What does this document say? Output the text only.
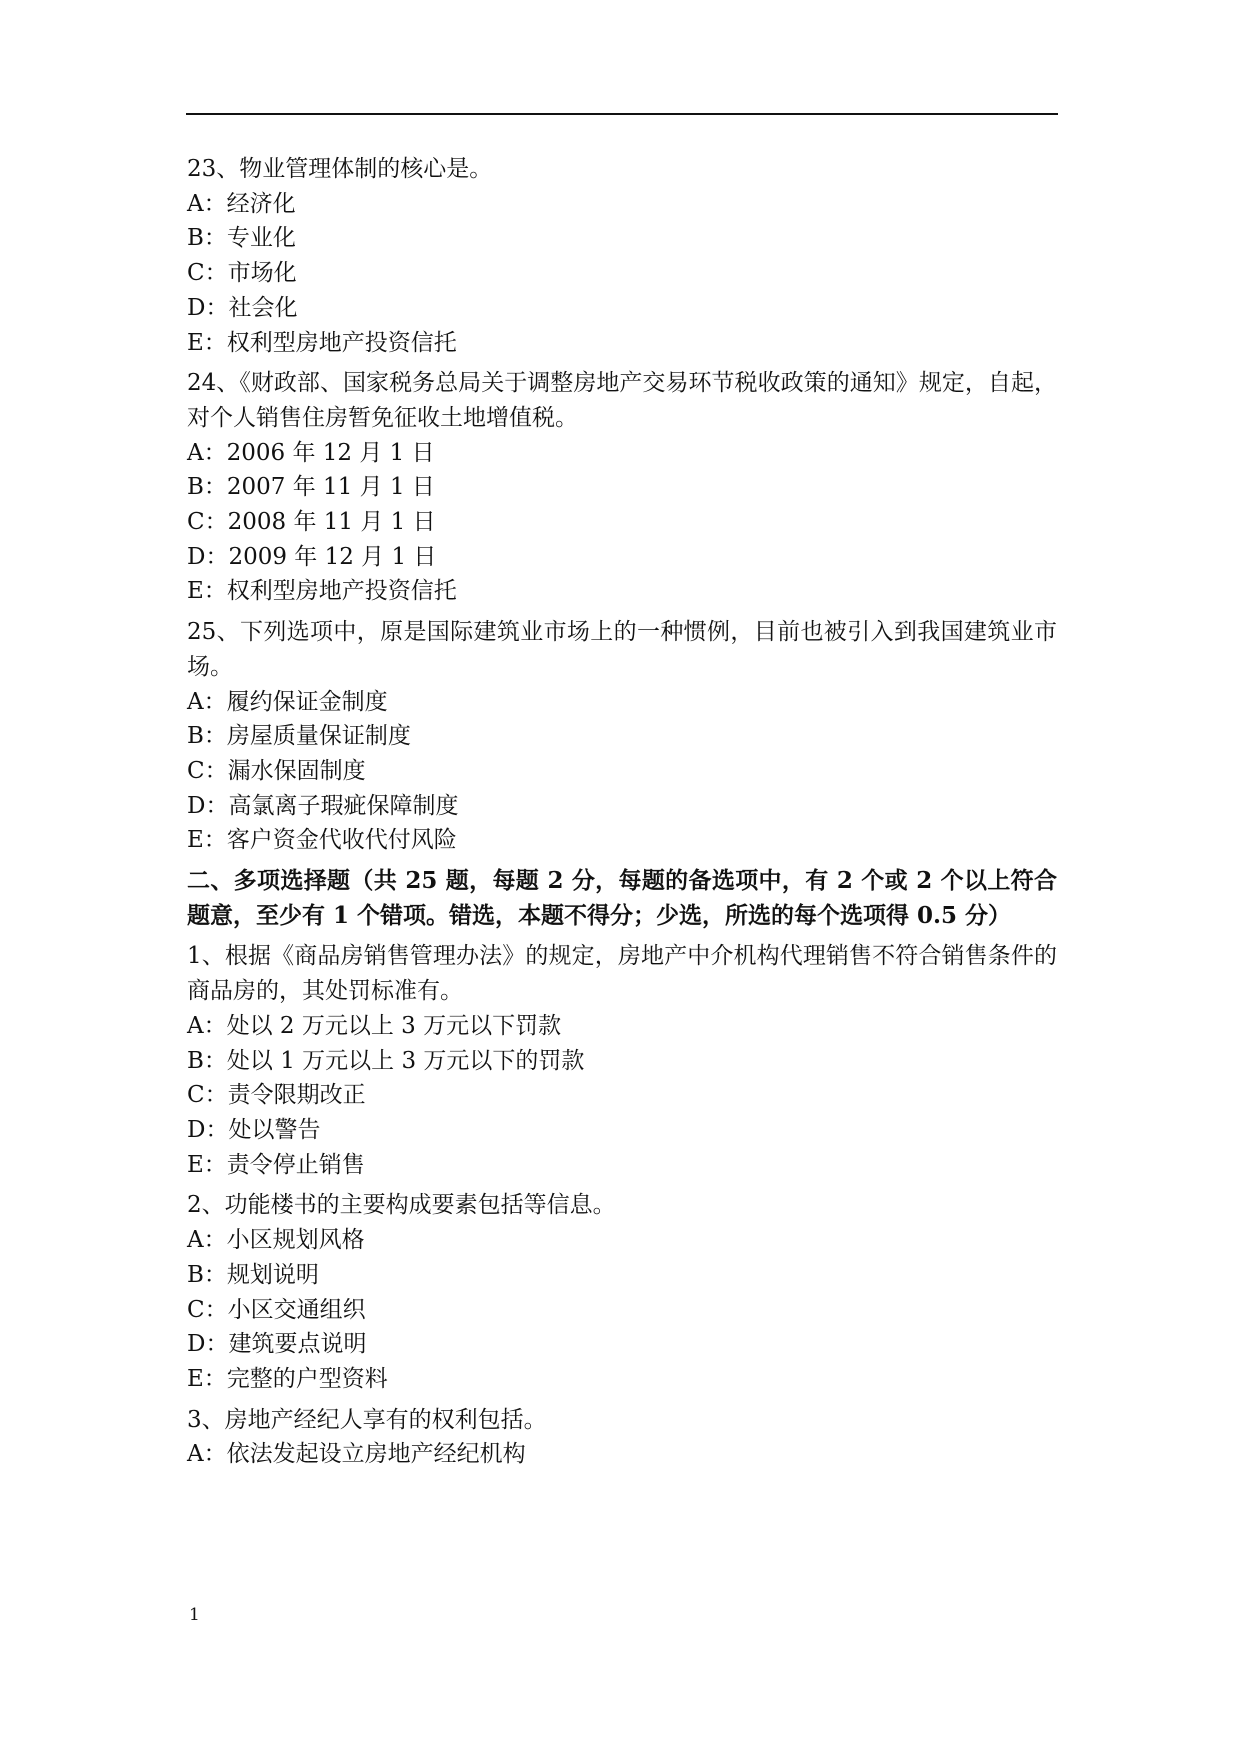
23、物业管理体制的核心是。

A：经济化

B：专业化

C：市场化

D：社会化

E：权利型房地产投资信托

24、《财政部、国家税务总局关于调整房地产交易环节税收政策的通知》规定，自起，对个人销售住房暂免征收土地增值税。

A：2006 年 12 月 1 日

B：2007 年 11 月 1 日

C：2008 年 11 月 1 日

D：2009 年 12 月 1 日

E：权利型房地产投资信托

25、下列选项中，原是国际建筑业市场上的一种惯例，目前也被引入到我国建筑业市场。

A：履约保证金制度

B：房屋质量保证制度

C：漏水保固制度

D：高氯离子瑕疵保障制度

E：客户资金代收代付风险

二、多项选择题（共 25 题，每题 2 分，每题的备选项中，有 2 个或 2 个以上符合题意，至少有 1 个错项。错选，本题不得分；少选，所选的每个选项得 0.5 分）

1、根据《商品房销售管理办法》的规定，房地产中介机构代理销售不符合销售条件的商品房的，其处罚标准有。

A：处以 2 万元以上 3 万元以下罚款

B：处以 1 万元以上 3 万元以下的罚款

C：责令限期改正

D：处以警告

E：责令停止销售

2、功能楼书的主要构成要素包括等信息。

A：小区规划风格

B：规划说明

C：小区交通组织

D：建筑要点说明

E：完整的户型资料

3、房地产经纪人享有的权利包括。

A：依法发起设立房地产经纪机构

1
